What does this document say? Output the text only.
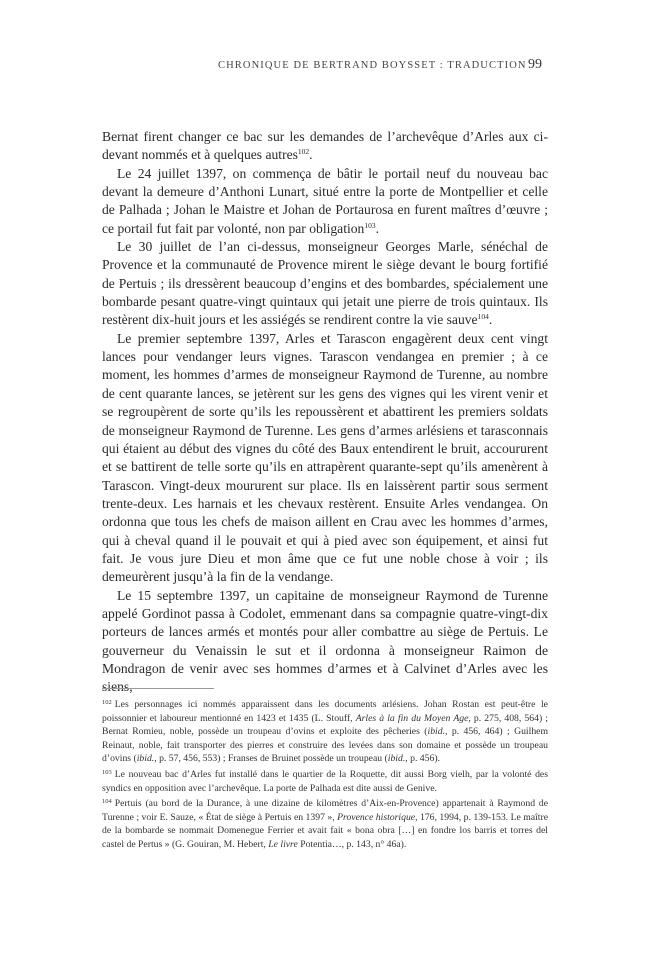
CHRONIQUE DE BERTRAND BOYSSET : TRADUCTION 99

Bernat firent changer ce bac sur les demandes de l’archevêque d’Arles aux ci-devant nommés et à quelques autres$^{102}$.

Le 24 juillet 1397, on commença de bâtir le portail neuf du nouveau bac devant la demeure d’Anthoni Lunart, situé entre la porte de Montpellier et celle de Palhada ; Johan le Maistre et Johan de Portaurosa en furent maîtres d’œuvre ; ce portail fut fait par volonté, non par obligation$^{103}$.

Le 30 juillet de l’an ci-dessus, monseigneur Georges Marle, sénéchal de Provence et la communauté de Provence mirent le siège devant le bourg fortifié de Pertuis ; ils dressèrent beaucoup d’engins et des bombardes, spécialement une bombarde pesant quatre-vingt quintaux qui jetait une pierre de trois quintaux. Ils restèrent dix-huit jours et les assiégés se rendirent contre la vie sauve$^{104}$.

Le premier septembre 1397, Arles et Tarascon engagèrent deux cent vingt lances pour vendanger leurs vignes. Tarascon vendangea en premier ; à ce moment, les hommes d’armes de monseigneur Raymond de Turenne, au nombre de cent quarante lances, se jetèrent sur les gens des vignes qui les virent venir et se regroupèrent de sorte qu’ils les repoussèrent et abattirent les premiers soldats de monseigneur Raymond de Turenne. Les gens d’armes arlésiens et tarasconnais qui étaient au début des vignes du côté des Baux entendirent le bruit, accoururent et se battirent de telle sorte qu’ils en attrapèrent quarante-sept qu’ils amenèrent à Tarascon. Vingt-deux moururent sur place. Ils en laissèrent partir sous serment trente-deux. Les harnais et les chevaux restèrent. Ensuite Arles vendangea. On ordonna que tous les chefs de maison aillent en Crau avec les hommes d’armes, qui à cheval quand il le pouvait et qui à pied avec son équipement, et ainsi fut fait. Je vous jure Dieu et mon âme que ce fut une noble chose à voir ; ils demeurèrent jusqu’à la fin de la vendange.

Le 15 septembre 1397, un capitaine de monseigneur Raymond de Turenne appelé Gordinot passa à Codolet, emmenant dans sa compagnie quatre-vingt-dix porteurs de lances armés et montés pour aller combattre au siège de Pertuis. Le gouverneur du Venaissin le sut et il ordonna à monseigneur Raimon de Mondragon de venir avec ses hommes d’armes et à Calvinet d’Arles avec les siens,

$^{102}$ Les personnages ici nommés apparaissent dans les documents arlésiens. Johan Rostan est peut-être le poissonnier et laboureur mentionné en 1423 et 1435 (L. Stouff, Arles à la fin du Moyen Age, p. 275, 408, 564) ; Bernat Romieu, noble, possède un troupeau d’ovins et exploite des pêcheries (ibid., p. 456, 464) ; Guilhem Reinaut, noble, fait transporter des pierres et construire des levées dans son domaine et possède un troupeau d’ovins (ibid., p. 57, 456, 553) ; Franses de Bruinet possède un troupeau (ibid., p. 456).

$^{103}$ Le nouveau bac d’Arles fut installé dans le quartier de la Roquette, dit aussi Borg vielh, par la volonté des syndics en opposition avec l’archevêque. La porte de Palhada est dite aussi de Genive.

$^{104}$ Pertuis (au bord de la Durance, à une dizaine de kilomètres d’Aix-en-Provence) appartenait à Raymond de Turenne ; voir E. Sauze, « État de siège à Pertuis en 1397 », Provence historique, 176, 1994, p. 139-153. Le maître de la bombarde se nommait Domenegue Ferrier et avait fait « bona obra […] en fondre los barris et torres del castel de Pertus » (G. Gouiran, M. Hebert, Le livre Potentia…, p. 143, n° 46a).
